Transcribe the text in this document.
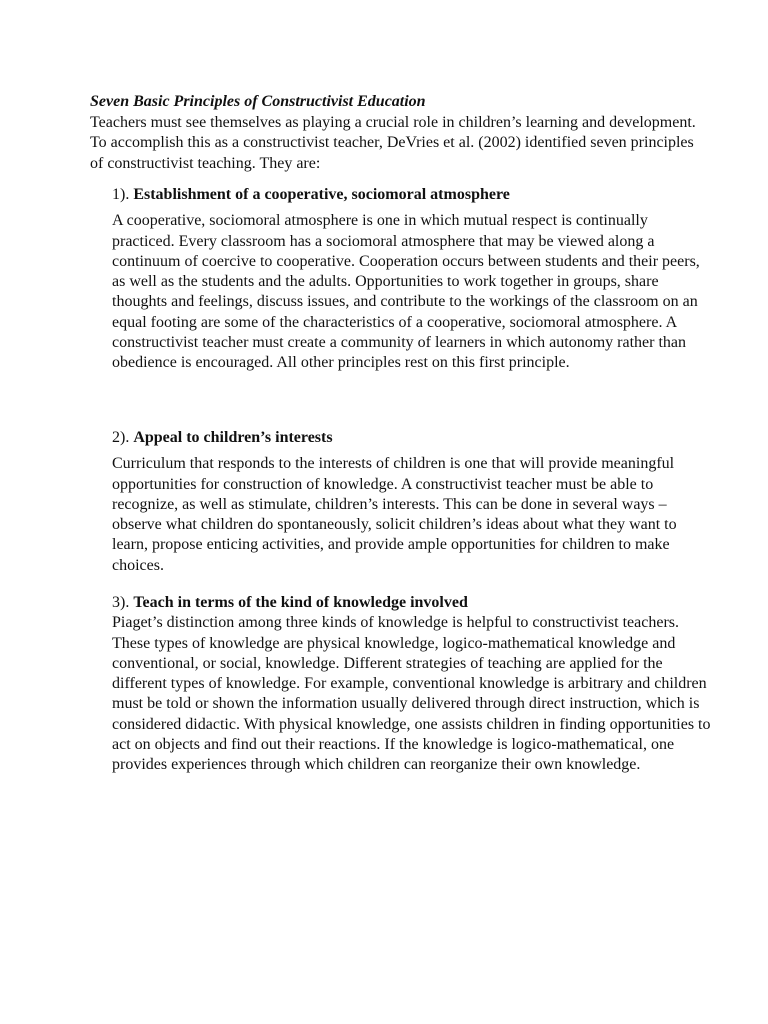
Seven Basic Principles of Constructivist Education

Teachers must see themselves as playing a crucial role in children’s learning and development. To accomplish this as a constructivist teacher, DeVries et al. (2002) identified seven principles of constructivist teaching. They are:

1). Establishment of a cooperative, sociomoral atmosphere

A cooperative, sociomoral atmosphere is one in which mutual respect is continually practiced. Every classroom has a sociomoral atmosphere that may be viewed along a continuum of coercive to cooperative. Cooperation occurs between students and their peers, as well as the students and the adults. Opportunities to work together in groups, share thoughts and feelings, discuss issues, and contribute to the workings of the classroom on an equal footing are some of the characteristics of a cooperative, sociomoral atmosphere. A constructivist teacher must create a community of learners in which autonomy rather than obedience is encouraged. All other principles rest on this first principle.

2). Appeal to children’s interests

Curriculum that responds to the interests of children is one that will provide meaningful opportunities for construction of knowledge. A constructivist teacher must be able to recognize, as well as stimulate, children’s interests. This can be done in several ways – observe what children do spontaneously, solicit children’s ideas about what they want to learn, propose enticing activities, and provide ample opportunities for children to make choices.

3). Teach in terms of the kind of knowledge involved

Piaget’s distinction among three kinds of knowledge is helpful to constructivist teachers. These types of knowledge are physical knowledge, logico-mathematical knowledge and conventional, or social, knowledge. Different strategies of teaching are applied for the different types of knowledge. For example, conventional knowledge is arbitrary and children must be told or shown the information usually delivered through direct instruction, which is considered didactic. With physical knowledge, one assists children in finding opportunities to act on objects and find out their reactions. If the knowledge is logico-mathematical, one provides experiences through which children can reorganize their own knowledge.
